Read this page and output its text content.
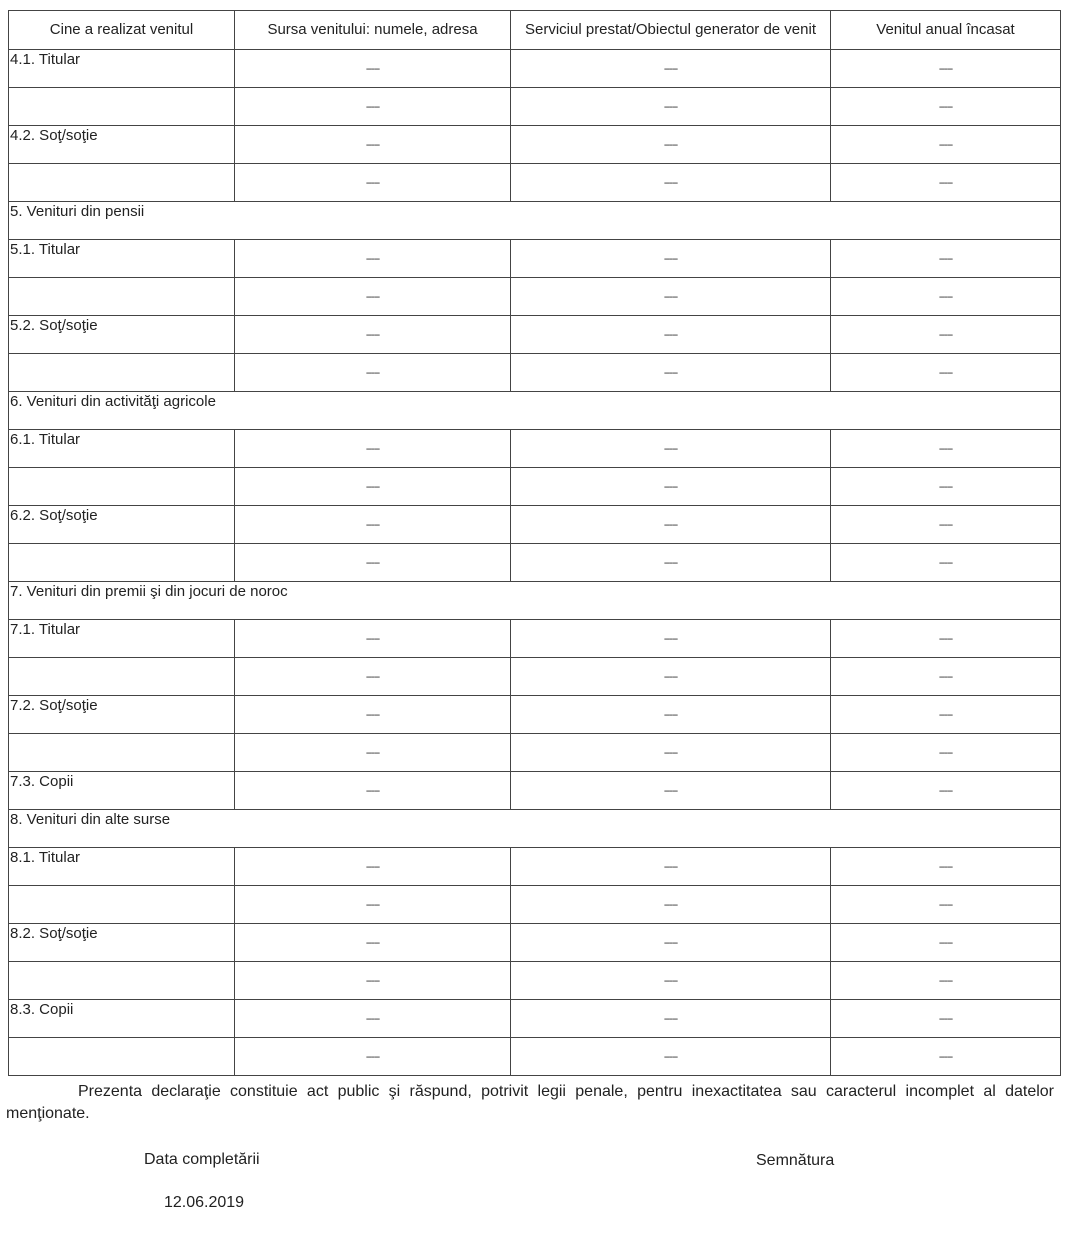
Cine a realizat venitul	Sursa venitului: numele, adresa	Serviciul prestat/Obiectul generator de venit	Venitul anual încasat
4.1. Titular	-----	-----	-----
	-----	-----	-----
4.2. Soţ/soţie	-----	-----	-----
	-----	-----	-----
5. Venituri din pensii			
5.1. Titular	-----	-----	-----
	-----	-----	-----
5.2. Soţ/soţie	-----	-----	-----
	-----	-----	-----
6. Venituri din activităţi agricole			
6.1. Titular	-----	-----	-----
	-----	-----	-----
6.2. Soţ/soţie	-----	-----	-----
	-----	-----	-----
7. Venituri din premii şi din jocuri de noroc			
7.1. Titular	-----	-----	-----
	-----	-----	-----
7.2. Soţ/soţie	-----	-----	-----
	-----	-----	-----
7.3. Copii	-----	-----	-----
8. Venituri din alte surse			
8.1. Titular	-----	-----	-----
	-----	-----	-----
8.2. Soţ/soţie	-----	-----	-----
	-----	-----	-----
8.3. Copii	-----	-----	-----
	-----	-----	-----
Prezenta declaraţie constituie act public şi răspund, potrivit legii penale, pentru inexactitatea sau caracterul incomplet al datelor menţionate.
Data completării	Semnătura
12.06.2019
